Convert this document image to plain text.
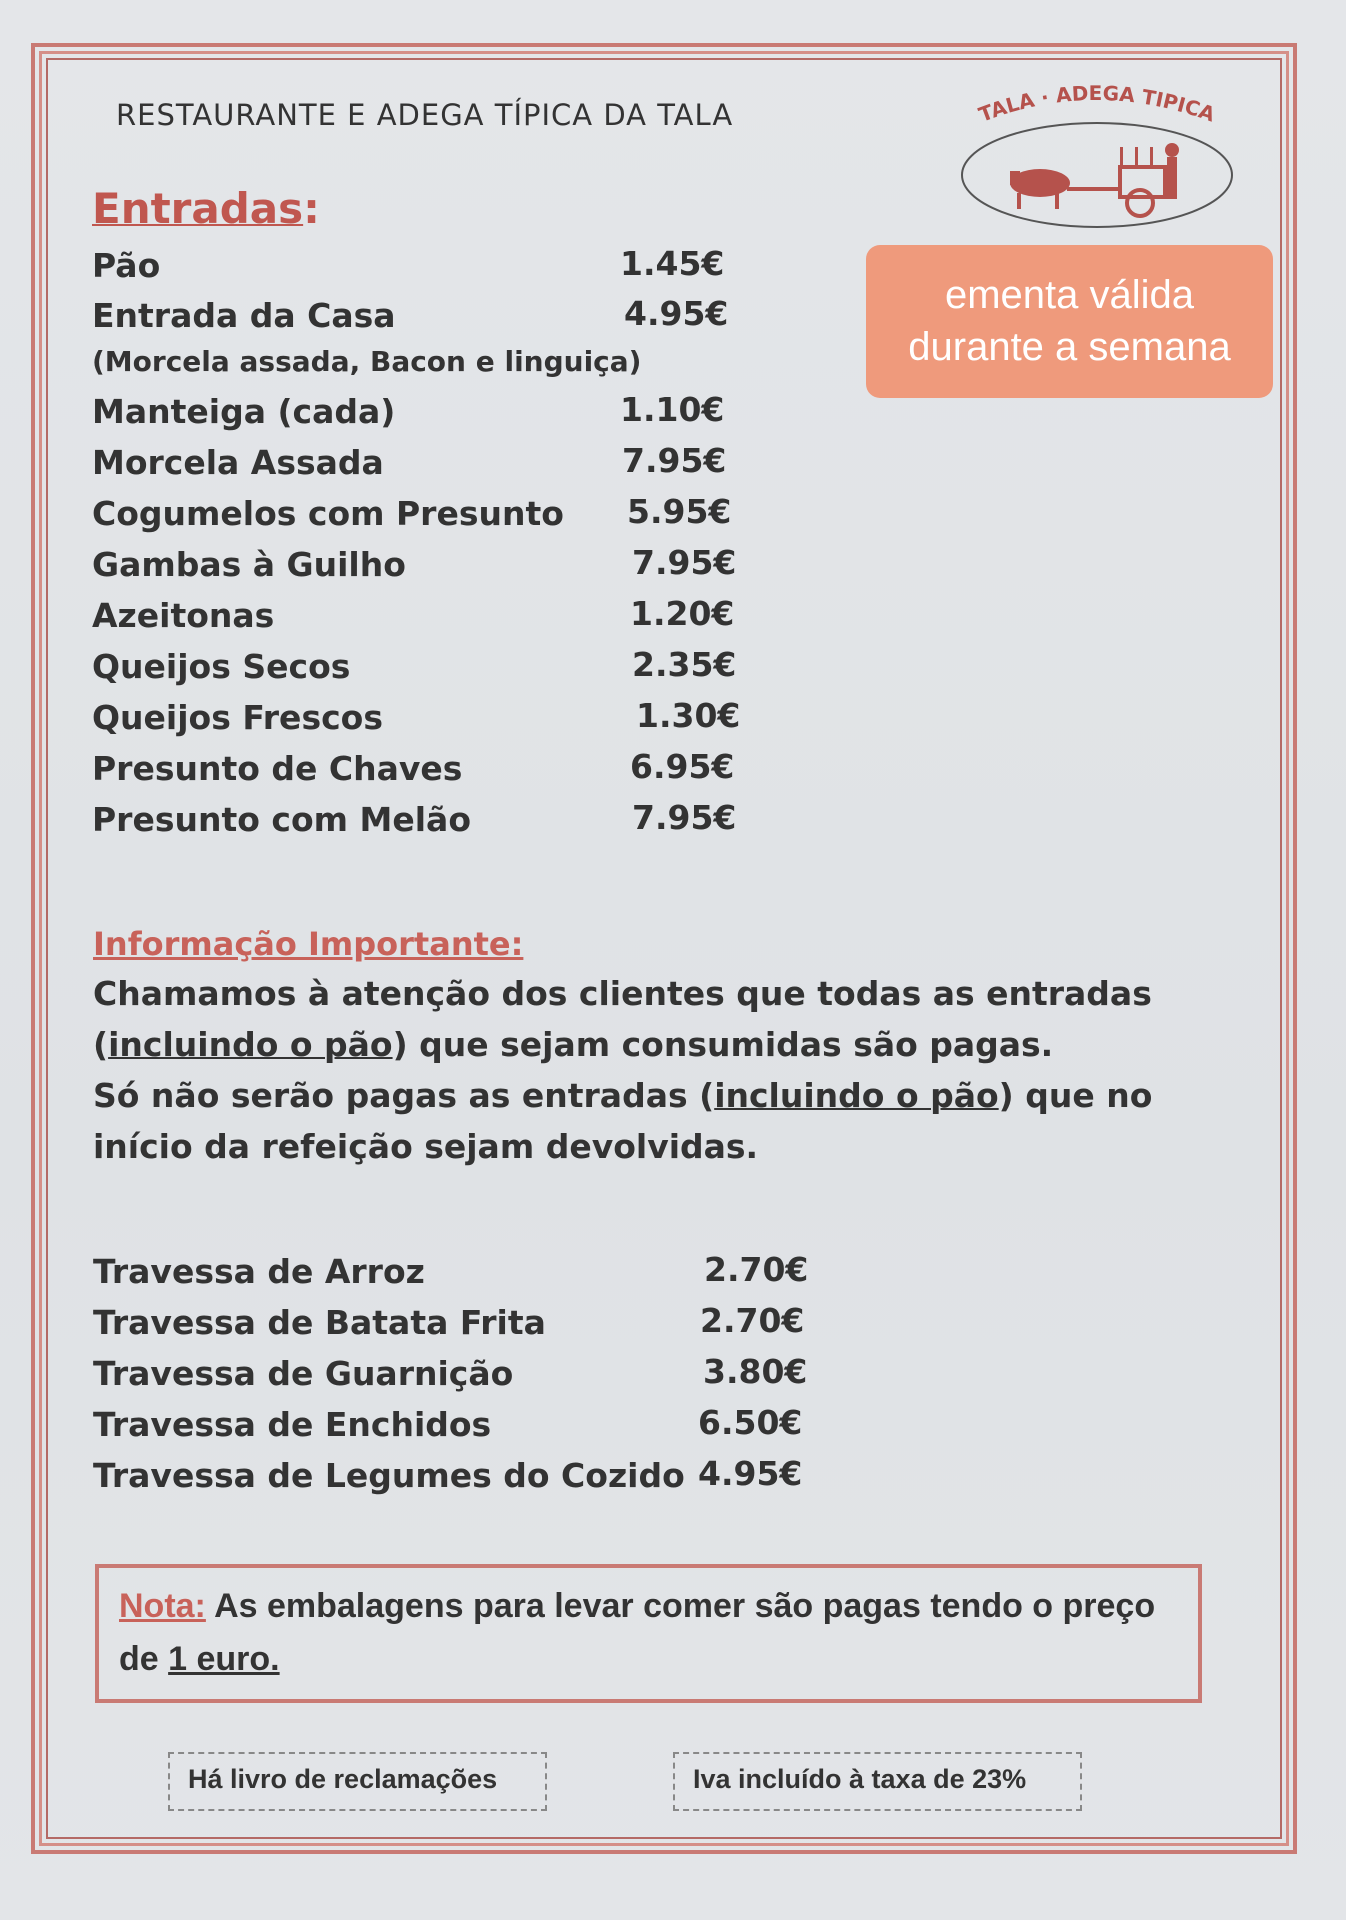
RESTAURANTE E ADEGA TÍPICA DA TALA	TALA · ADEGA TIPICA
ementa válida
durante a semana
Entradas:
Pão	1.45€
Entrada da Casa	4.95€
(Morcela assada, Bacon e linguiça)
Manteiga (cada)	1.10€
Morcela Assada	7.95€
Cogumelos com Presunto 5.95€
Gambas à Guilho	7.95€
Azeitonas	1.20€
Queijos Secos	2.35€
Queijos Frescos	1.30€
Presunto de Chaves	6.95€
Presunto com Melão	7.95€
Informação Importante:
Chamamos à atenção dos clientes que todas as entradas (incluindo o pão) que sejam consumidas são pagas.
Só não serão pagas as entradas (incluindo o pão) que no início da refeição sejam devolvidas.
Travessa de Arroz	2.70€
Travessa de Batata Frita	2.70€
Travessa de Guarnição	3.80€
Travessa de Enchidos	6.50€
Travessa de Legumes do Cozido 4.95€
Nota: As embalagens para levar comer são pagas tendo o preço de 1 euro.
Há livro de reclamações	Iva incluído à taxa de 23%
